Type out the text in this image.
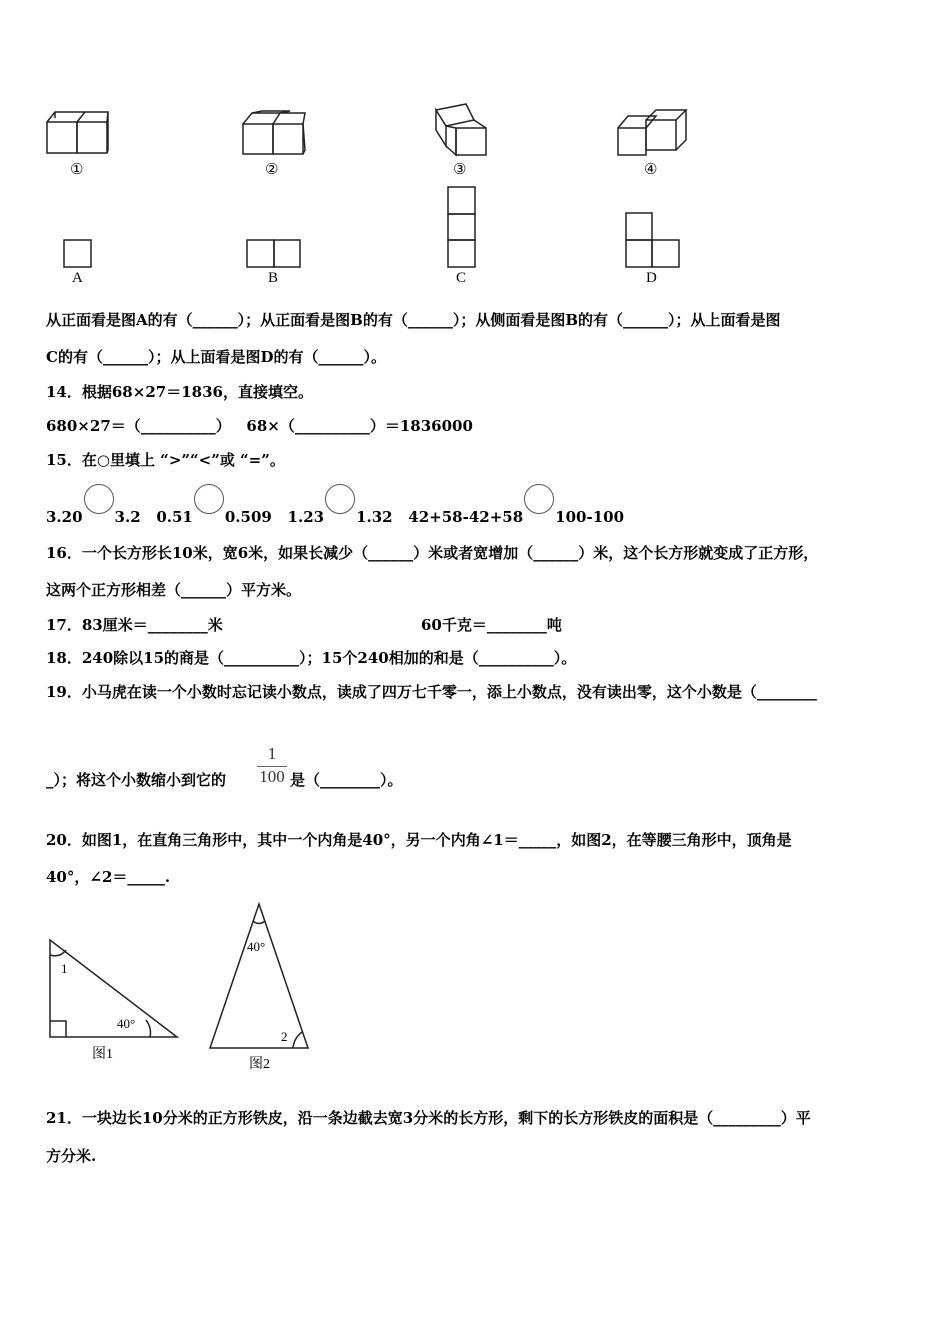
①	②	③	④
A	B	C	D
从正面看是图A的有（______）；从正面看是图B的有（______）；从侧面看是图B的有（______）；从上面看是图
C的有（______）；从上面看是图D的有（______）。
14．根据68×27＝1836，直接填空。
680×27＝（__________）   68×（__________）＝1836000
15．在○里填上 “>”“<”或 “=”。
3.20 3.2 0.51 0.509 1.23 1.32 42+58-42+58 100-100
16．一个长方形长10米，宽6米，如果长减少（______）米或者宽增加（______）米，这个长方形就变成了正方形，
这两个正方形相差（______）平方米。
17．83厘米＝________米	60千克＝________吨
18．240除以15的商是（__________）；15个240相加的和是（__________）。
19．小马虎在读一个小数时忘记读小数点，读成了四万七千零一，添上小数点，没有读出零，这个小数是（________
_）；将这个小数缩小到它的 $\frac{1}{100}$ 是（________）。
20．如图1，在直角三角形中，其中一个内角是40°，另一个内角∠1＝_____，如图2，在等腰三角形中，顶角是
40°，∠2＝_____.
1
40°
图1
40°
2
图2
21．一块边长10分米的正方形铁皮，沿一条边截去宽3分米的长方形，剩下的长方形铁皮的面积是（_________）平
方分米.
